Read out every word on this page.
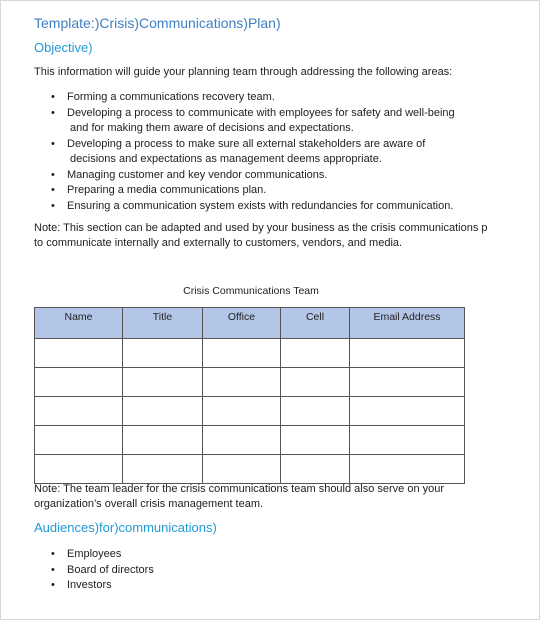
Template:)Crisis)Communications)Plan)
Objective)
This information will guide your planning team through addressing the following areas:
• Forming a communications recovery team.
• Developing a process to communicate with employees for safety and well-being
and for making them aware of decisions and expectations.
• Developing a process to make sure all external stakeholders are aware of
decisions and expectations as management deems appropriate.
• Managing customer and key vendor communications.
• Preparing a media communications plan.
• Ensuring a communication system exists with redundancies for communication.
Note: This section can be adapted and used by your business as the crisis communications p
to communicate internally and externally to customers, vendors, and media.
Crisis Communications Team
Name	Title	Office	Cell	Email Address

Note: The team leader for the crisis communications team should also serve on your
organization’s overall crisis management team.
Audiences)for)communications)
• Employees
• Board of directors
• Investors
